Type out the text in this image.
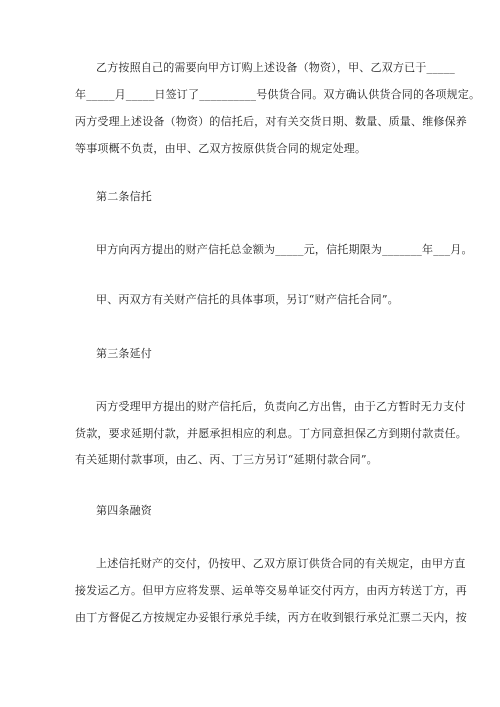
乙方按照自己的需要向甲方订购上述设备（物资），甲、乙双方已于_____
年_____月_____日签订了__________号供货合同。双方确认供货合同的各项规定。
丙方受理上述设备（物资）的信托后，对有关交货日期、数量、质量、维修保养
等事项概不负责，由甲、乙双方按原供货合同的规定处理。
第二条信托
甲方向丙方提出的财产信托总金额为_____元，信托期限为_______年___月。
甲、丙双方有关财产信托的具体事项，另订“财产信托合同”。
第三条延付
丙方受理甲方提出的财产信托后，负责向乙方出售，由于乙方暂时无力支付
货款，要求延期付款，并愿承担相应的利息。丁方同意担保乙方到期付款责任。
有关延期付款事项，由乙、丙、丁三方另订“延期付款合同”。
第四条融资
上述信托财产的交付，仍按甲、乙双方原订供货合同的有关规定，由甲方直
接发运乙方。但甲方应将发票、运单等交易单证交付丙方，由丙方转送丁方，再
由丁方督促乙方按规定办妥银行承兑手续，丙方在收到银行承兑汇票二天内，按
